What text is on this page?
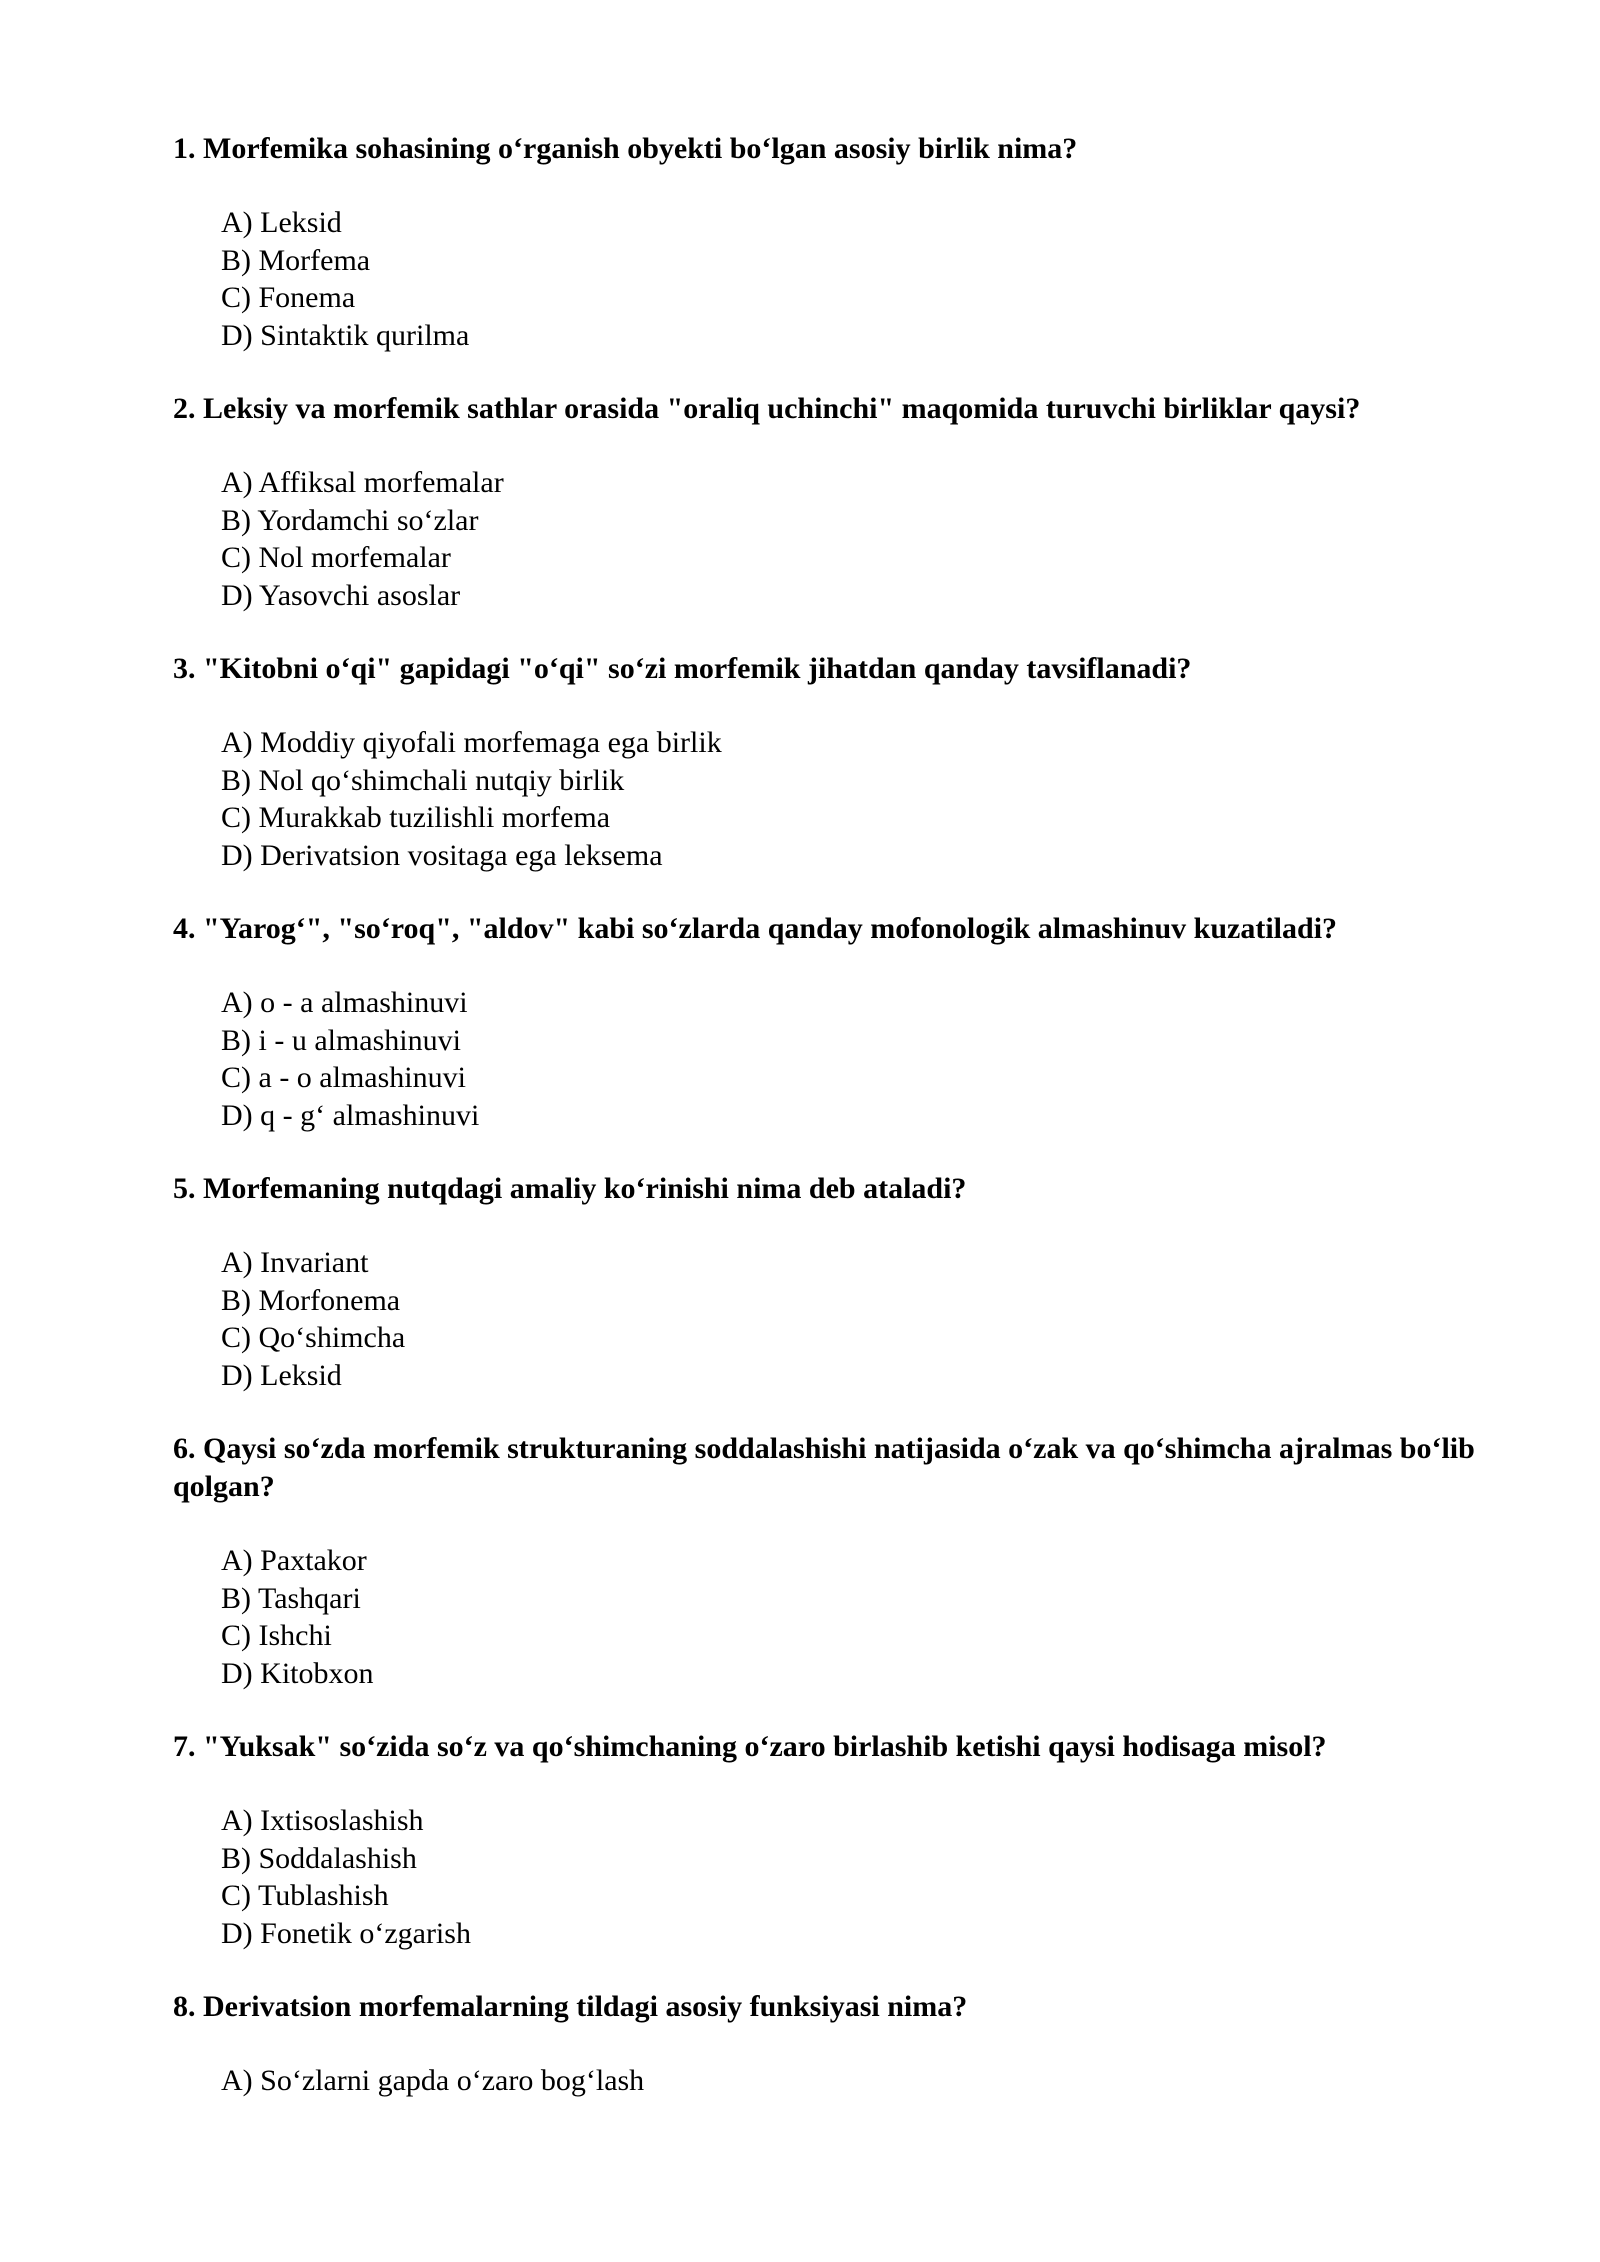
1. Morfemika sohasining o‘rganish obyekti bo‘lgan asosiy birlik nima?

A) Leksid
B) Morfema
C) Fonema
D) Sintaktik qurilma

2. Leksiy va morfemik sathlar orasida "oraliq uchinchi" maqomida turuvchi birliklar qaysi?

A) Affiksal morfemalar
B) Yordamchi so‘zlar
C) Nol morfemalar
D) Yasovchi asoslar

3. "Kitobni o‘qi" gapidagi "o‘qi" so‘zi morfemik jihatdan qanday tavsiflanadi?

A) Moddiy qiyofali morfemaga ega birlik
B) Nol qo‘shimchali nutqiy birlik
C) Murakkab tuzilishli morfema
D) Derivatsion vositaga ega leksema

4. "Yarog‘", "so‘roq", "aldov" kabi so‘zlarda qanday mofonologik almashinuv kuzatiladi?

A) o - a almashinuvi
B) i - u almashinuvi
C) a - o almashinuvi
D) q - g‘ almashinuvi

5. Morfemaning nutqdagi amaliy ko‘rinishi nima deb ataladi?

A) Invariant
B) Morfonema
C) Qo‘shimcha
D) Leksid

6. Qaysi so‘zda morfemik strukturaning soddalashishi natijasida o‘zak va qo‘shimcha ajralmas bo‘lib qolgan?

A) Paxtakor
B) Tashqari
C) Ishchi
D) Kitobxon

7. "Yuksak" so‘zida so‘z va qo‘shimchaning o‘zaro birlashib ketishi qaysi hodisaga misol?

A) Ixtisoslashish
B) Soddalashish
C) Tublashish
D) Fonetik o‘zgarish

8. Derivatsion morfemalarning tildagi asosiy funksiyasi nima?

A) So‘zlarni gapda o‘zaro bog‘lash
